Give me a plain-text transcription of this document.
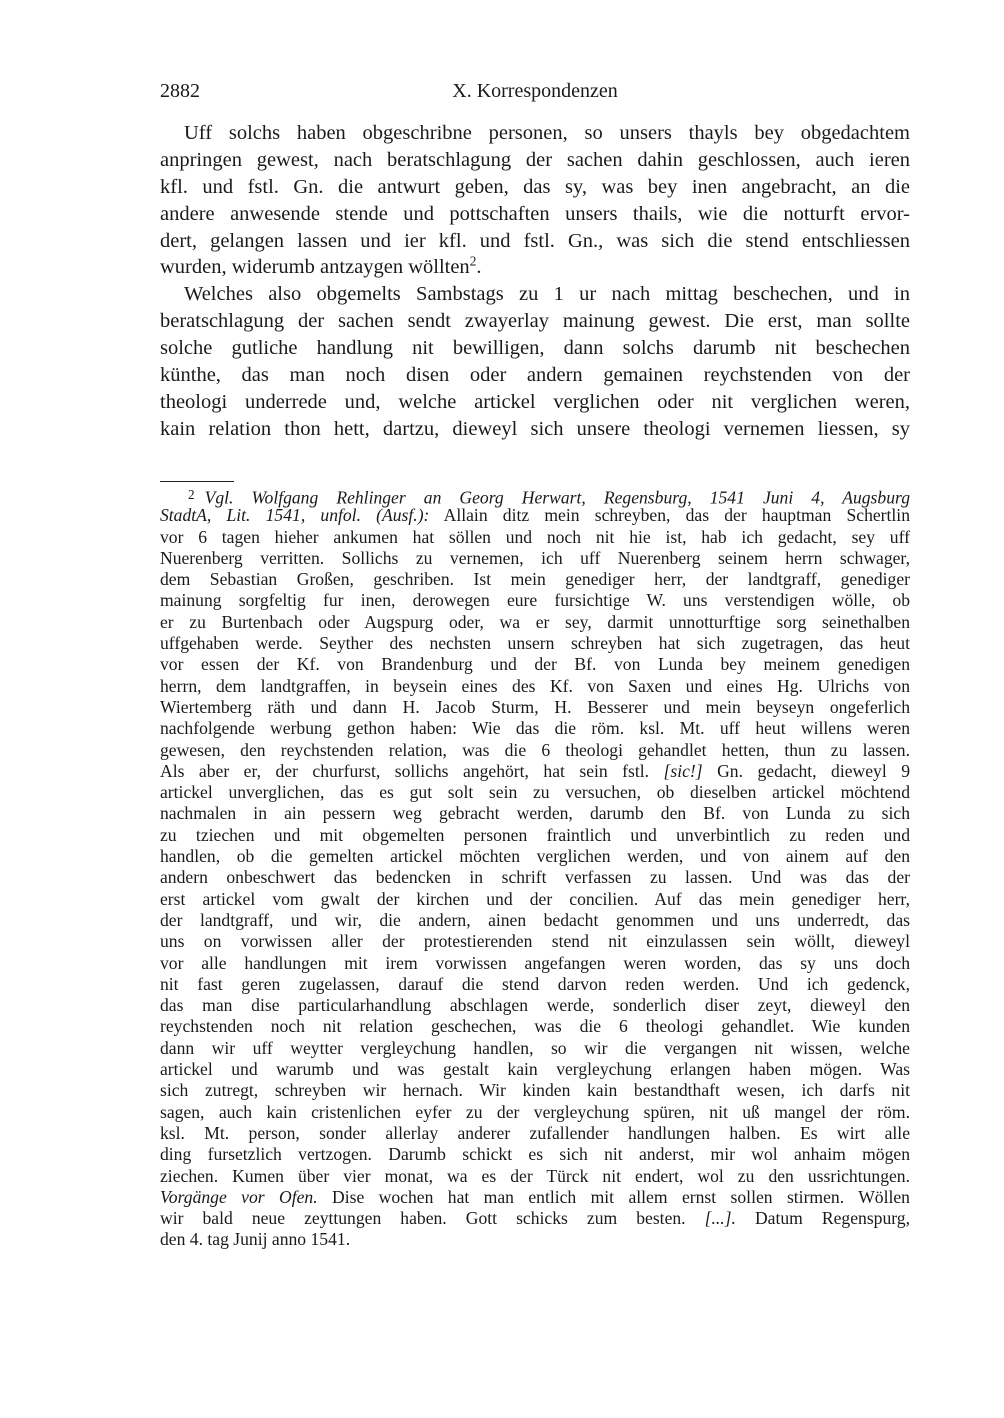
2882	X. Korrespondenzen
Uff solchs haben obgeschribne personen, so unsers thayls bey obgedachtem
anpringen gewest, nach beratschlagung der sachen dahin geschlossen, auch ieren
kfl. und fstl. Gn. die antwurt geben, das sy, was bey inen angebracht, an die
andere anwesende stende und pottschaften unsers thails, wie die notturft ervor-
dert, gelangen lassen und ier kfl. und fstl. Gn., was sich die stend entschliessen
wurden, widerumb antzaygen wöllten$^2$.
Welches also obgemelts Sambstags zu 1 ur nach mittag beschechen, und in
beratschlagung der sachen sendt zwayerlay mainung gewest. Die erst, man sollte
solche gutliche handlung nit bewilligen, dann solchs darumb nit beschechen
künthe, das man noch disen oder andern gemainen reychstenden von der
theologi underrede und, welche artickel verglichen oder nit verglichen weren,
kain relation thon hett, dartzu, dieweyl sich unsere theologi vernemen liessen, sy
$^2$ Vgl. Wolfgang Rehlinger an Georg Herwart, Regensburg, 1541 Juni 4, Augsburg
StadtA, Lit. 1541, unfol. (Ausf.): Allain ditz mein schreyben, das der hauptman Schertlin
vor 6 tagen hieher ankumen hat söllen und noch nit hie ist, hab ich gedacht, sey uff
Nuerenberg verritten. Sollichs zu vernemen, ich uff Nuerenberg seinem herrn schwager,
dem Sebastian Großen, geschriben. Ist mein genediger herr, der landtgraff, genediger
mainung sorgfeltig fur inen, derowegen eure fursichtige W. uns verstendigen wölle, ob
er zu Burtenbach oder Augspurg oder, wa er sey, darmit unnotturftige sorg seinethalben
uffgehaben werde. Seyther des nechsten unsern schreyben hat sich zugetragen, das heut
vor essen der Kf. von Brandenburg und der Bf. von Lunda bey meinem genedigen
herrn, dem landtgraffen, in beysein eines des Kf. von Saxen und eines Hg. Ulrichs von
Wiertemberg räth und dann H. Jacob Sturm, H. Besserer und mein beyseyn ongeferlich
nachfolgende werbung gethon haben: Wie das die röm. ksl. Mt. uff heut willens weren
gewesen, den reychstenden relation, was die 6 theologi gehandlet hetten, thun zu lassen.
Als aber er, der churfurst, sollichs angehört, hat sein fstl. [sic!] Gn. gedacht, dieweyl 9
artickel unverglichen, das es gut solt sein zu versuchen, ob dieselben artickel möchtend
nachmalen in ain pessern weg gebracht werden, darumb den Bf. von Lunda zu sich
zu tziechen und mit obgemelten personen fraintlich und unverbintlich zu reden und
handlen, ob die gemelten artickel möchten verglichen werden, und von ainem auf den
andern onbeschwert das bedencken in schrift verfassen zu lassen. Und was das der
erst artickel vom gwalt der kirchen und der concilien. Auf das mein genediger herr,
der landtgraff, und wir, die andern, ainen bedacht genommen und uns underredt, das
uns on vorwissen aller der protestierenden stend nit einzulassen sein wöllt, dieweyl
vor alle handlungen mit irem vorwissen angefangen weren worden, das sy uns doch
nit fast geren zugelassen, darauf die stend darvon reden werden. Und ich gedenck,
das man dise particularhandlung abschlagen werde, sonderlich diser zeyt, dieweyl den
reychstenden noch nit relation geschechen, was die 6 theologi gehandlet. Wie kunden
dann wir uff weytter vergleychung handlen, so wir die vergangen nit wissen, welche
artickel und warumb und was gestalt kain vergleychung erlangen haben mögen. Was
sich zutregt, schreyben wir hernach. Wir kinden kain bestandthaft wesen, ich darfs nit
sagen, auch kain cristenlichen eyfer zu der vergleychung spüren, nit uß mangel der röm.
ksl. Mt. person, sonder allerlay anderer zufallender handlungen halben. Es wirt alle
ding fursetzlich vertzogen. Darumb schickt es sich nit anderst, mir wol anhaim mögen
ziechen. Kumen über vier monat, wa es der Türck nit endert, wol zu den ussrichtungen.
Vorgänge vor Ofen. Dise wochen hat man entlich mit allem ernst sollen stirmen. Wöllen
wir bald neue zeyttungen haben. Gott schicks zum besten. [...]. Datum Regenspurg,
den 4. tag Junij anno 1541.
